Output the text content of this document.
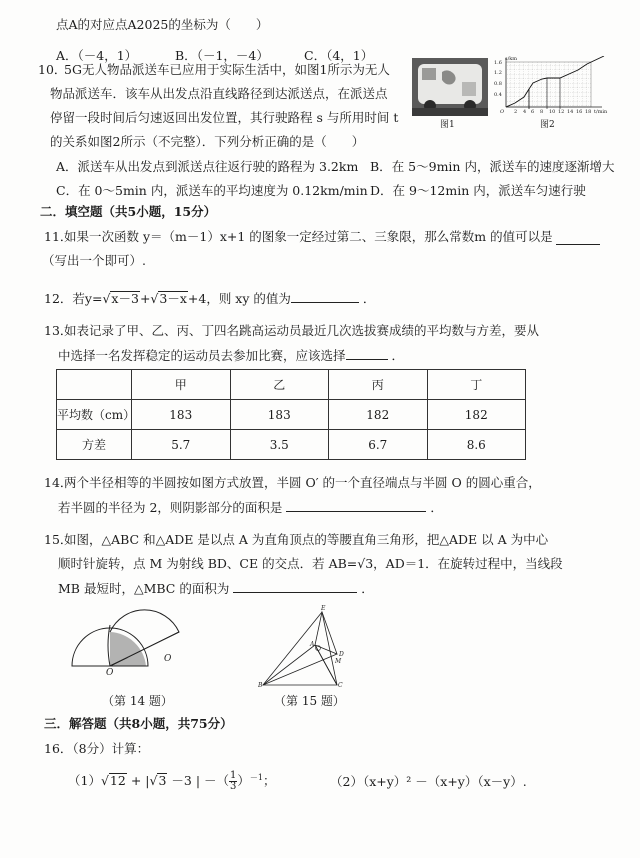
点A的对应点A2025的坐标为（　　）
A．（－4，1）	B．（－1，－4）	C．（4，1）
10．
5G无人物品派送车已应用于实际生活中，如图1所示为无人
物品派送车．该车从出发点沿直线路径到达派送点，在派送点
停留一段时间后匀速返回出发位置，其行驶路程 s 与所用时间 t
的关系如图2所示（不完整）．下列分析正确的是（　　）
图1
0.4
0.8
1.2
1.6
s/km
O 2 4 6 8 10 12 14 16 18 t/min
图2
A．派送车从出发点到派送点往返行驶的路程为 3.2km B．在 5～9min 内，派送车的速度逐渐增大
C．在 0～5min 内，派送车的平均速度为 0.12km/min D．在 9～12min 内，派送车匀速行驶
二．填空题（共5小题，15分）
11．
如果一次函数 y＝（m－1）x+1 的图象一定经过第二、三象限，那么常数m 的值可以是
（写出一个即可）.
12．若y=√x－3+√3－x+4，则 xy 的值为	．
13．
如表记录了甲、乙、丙、丁四名跳高运动员最近几次选拔赛成绩的平均数与方差，要从
中选择一名发挥稳定的运动员去参加比赛，应该选择	．
	甲	乙	丙	丁
平均数（cm）	183	183	182	182
方差	5.7	3.5	6.7	8.6
14．
两个半径相等的半圆按如图方式放置，半圆 O′ 的一个直径端点与半圆 O 的圆心重合，
若半圆的半径为 2，则阴影部分的面积是	．
15．
如图，△ABC 和△ADE 是以点 A 为直角顶点的等腰直角三角形，把△ADE 以 A 为中心
顺时针旋转，点 M 为射线 BD、CE 的交点．若 AB=√3，AD＝1．在旋转过程中，当线段
MB 最短时，△MBC 的面积为	．
O
O
（第 14 题）
E
A
D
M
B	C
（第 15 题）
三．解答题（共8小题，共75分）
16．（8分）计算：
（1）√12 + |√3 －3 | －（ $\frac{1}{3} )^{-1}$；	（2）（x+y）² －（x+y）（x－y）.
